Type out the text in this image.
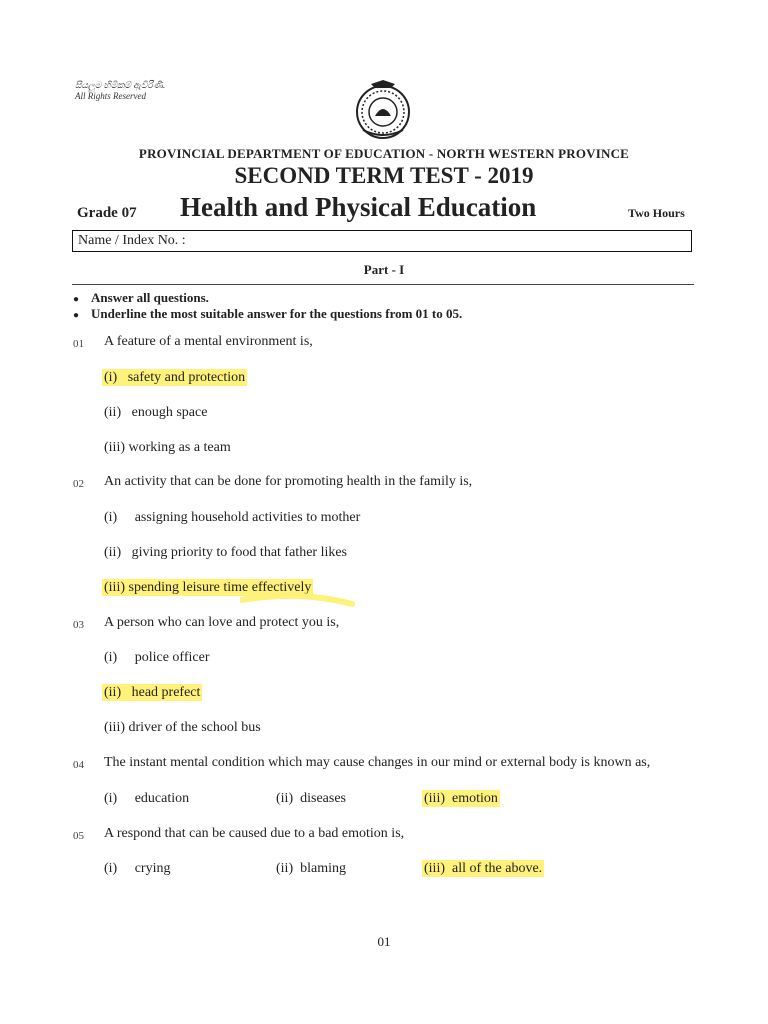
සියලුම හිමිකම් ඇවිරිණි.
All Rights Reserved
PROVINCIAL DEPARTMENT OF EDUCATION - NORTH WESTERN PROVINCE
SECOND TERM TEST - 2019
Grade 07 Health and Physical Education	Two Hours
Name / Index No. :
Part - I
● Answer all questions.
● Underline the most suitable answer for the questions from 01 to 05.
01 A feature of a mental environment is,
(i) safety and protection
(ii) enough space
(iii) working as a team
02 An activity that can be done for promoting health in the family is,
(i) assigning household activities to mother
(ii) giving priority to food that father likes
(iii) spending leisure time effectively
03 A person who can love and protect you is,
(i) police officer
(ii) head prefect
(iii) driver of the school bus
04 The instant mental condition which may cause changes in our mind or external body is known as,
(i) education	(ii) diseases	(iii) emotion
05 A respond that can be caused due to a bad emotion is,
(i) crying	(ii) blaming	(iii) all of the above.
01
